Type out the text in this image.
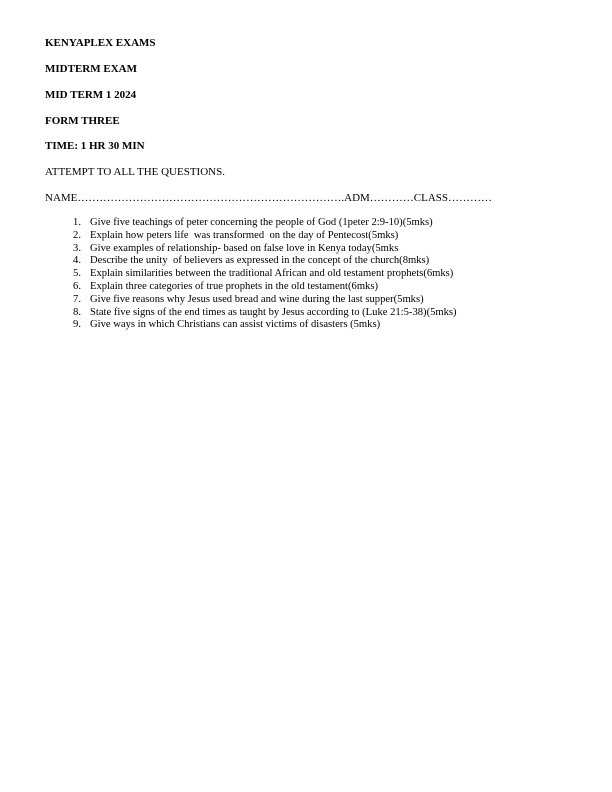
KENYAPLEX EXAMS
MIDTERM EXAM
MID TERM 1 2024
FORM THREE
TIME: 1 HR 30 MIN
ATTEMPT TO ALL THE QUESTIONS.
NAME……………………………………………………………….ADM…………CLASS…………
1. Give five teachings of peter concerning the people of God (1peter 2:9-10)(5mks)
2. Explain how peters life  was transformed  on the day of Pentecost(5mks)
3. Give examples of relationship- based on false love in Kenya today(5mks
4. Describe the unity  of believers as expressed in the concept of the church(8mks)
5. Explain similarities between the traditional African and old testament prophets(6mks)
6. Explain three categories of true prophets in the old testament(6mks)
7. Give five reasons why Jesus used bread and wine during the last supper(5mks)
8. State five signs of the end times as taught by Jesus according to (Luke 21:5-38)(5mks)
9. Give ways in which Christians can assist victims of disasters (5mks)
